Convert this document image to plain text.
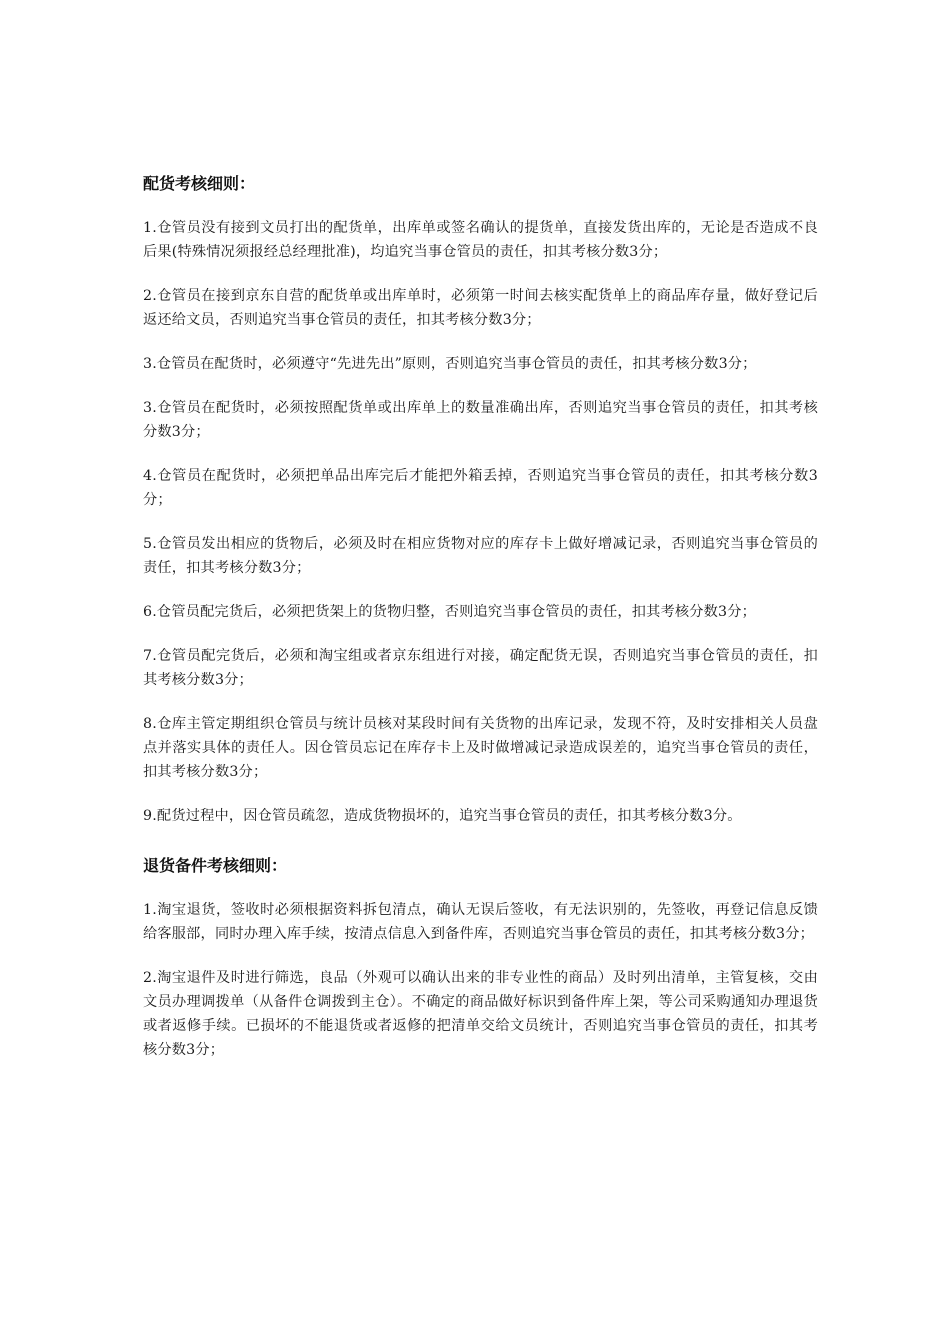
配货考核细则：

1.仓管员没有接到文员打出的配货单，出库单或签名确认的提货单，直接发货出库的，无论是否造成不良后果(特殊情况须报经总经理批准)，均追究当事仓管员的责任，扣其考核分数3分；

2.仓管员在接到京东自营的配货单或出库单时，必须第一时间去核实配货单上的商品库存量，做好登记后返还给文员，否则追究当事仓管员的责任，扣其考核分数3分；

3.仓管员在配货时，必须遵守“先进先出”原则，否则追究当事仓管员的责任，扣其考核分数3分；

3.仓管员在配货时，必须按照配货单或出库单上的数量准确出库，否则追究当事仓管员的责任，扣其考核分数3分；

4.仓管员在配货时，必须把单品出库完后才能把外箱丢掉，否则追究当事仓管员的责任，扣其考核分数3分；

5.仓管员发出相应的货物后，必须及时在相应货物对应的库存卡上做好增减记录，否则追究当事仓管员的责任，扣其考核分数3分；

6.仓管员配完货后，必须把货架上的货物归整，否则追究当事仓管员的责任，扣其考核分数3分；

7.仓管员配完货后，必须和淘宝组或者京东组进行对接，确定配货无误，否则追究当事仓管员的责任，扣其考核分数3分；

8.仓库主管定期组织仓管员与统计员核对某段时间有关货物的出库记录，发现不符，及时安排相关人员盘点并落实具体的责任人。因仓管员忘记在库存卡上及时做增减记录造成误差的，追究当事仓管员的责任，扣其考核分数3分；

9.配货过程中，因仓管员疏忽，造成货物损坏的，追究当事仓管员的责任，扣其考核分数3分。

退货备件考核细则：

1.淘宝退货，签收时必须根据资料拆包清点，确认无误后签收，有无法识别的，先签收，再登记信息反馈给客服部，同时办理入库手续，按清点信息入到备件库，否则追究当事仓管员的责任，扣其考核分数3分；

2.淘宝退件及时进行筛选，良品（外观可以确认出来的非专业性的商品）及时列出清单，主管复核，交由文员办理调拨单（从备件仓调拨到主仓）。不确定的商品做好标识到备件库上架，等公司采购通知办理退货或者返修手续。已损坏的不能退货或者返修的把清单交给文员统计，否则追究当事仓管员的责任，扣其考核分数3分；
